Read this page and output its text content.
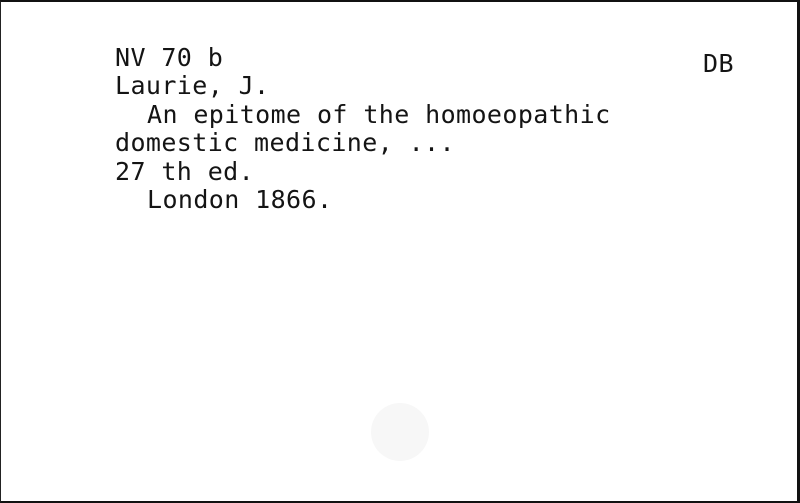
NV 70 b	DB
Laurie, J.
An epitome of the homoeopathic
domestic medicine, ...
27 th ed.
London 1866.
